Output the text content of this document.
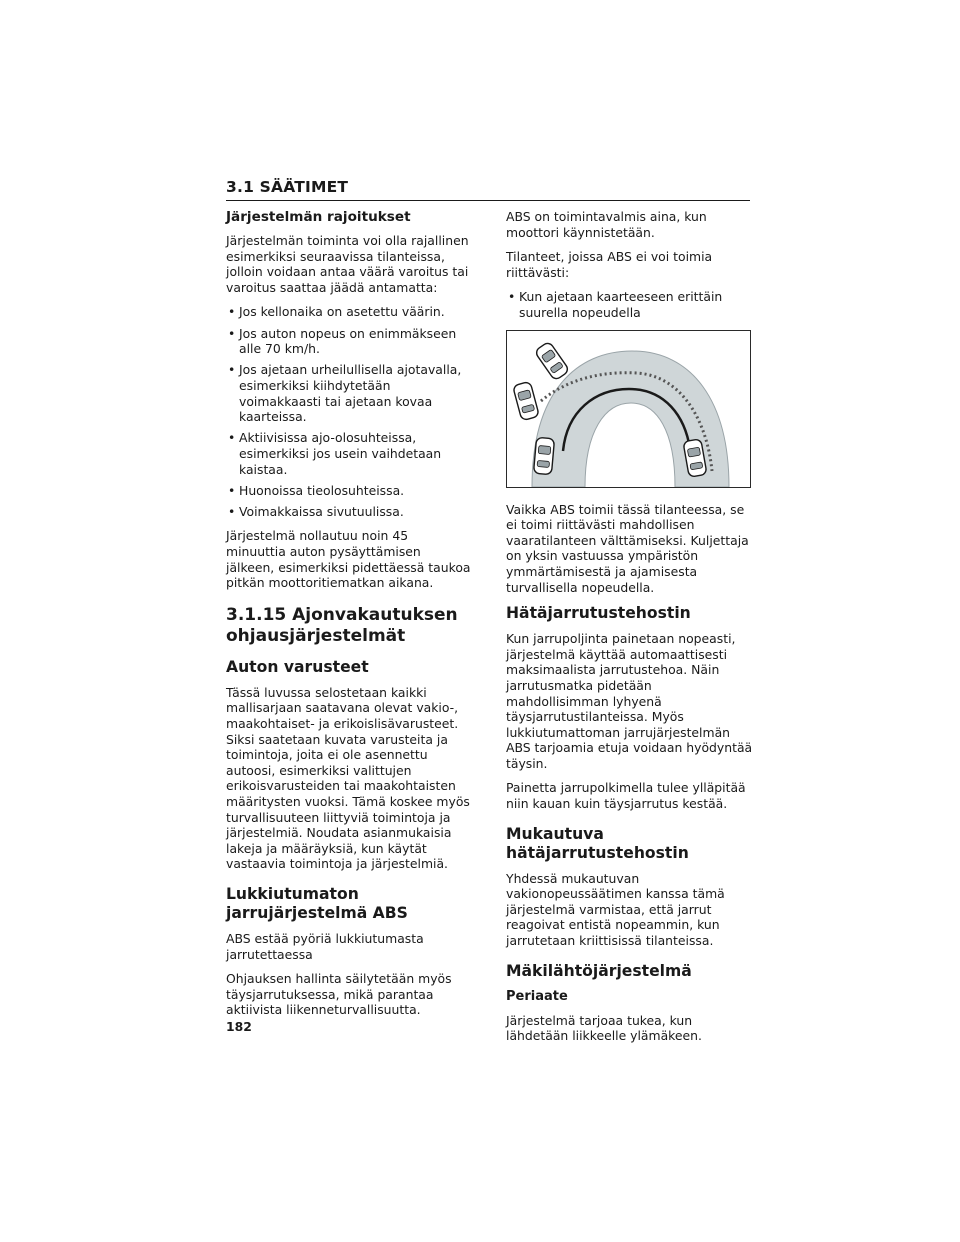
3.1 SÄÄTIMET
Järjestelmän rajoitukset

Järjestelmän toiminta voi olla rajallinen esimerkiksi seuraavissa tilanteissa, jolloin voidaan antaa väärä varoitus tai varoitus saattaa jäädä antamatta:

• Jos kellonaika on asetettu väärin.
• Jos auton nopeus on enimmäkseen alle 70 km/h.
• Jos ajetaan urheilullisella ajotavalla, esimerkiksi kiihdytetään voimakkaasti tai ajetaan kovaa kaarteissa.
• Aktiivisissa ajo-olosuhteissa, esimerkiksi jos usein vaihdetaan kaistaa.
• Huonoissa tieolosuhteissa.
• Voimakkaissa sivutuulissa.

Järjestelmä nollautuu noin 45 minuuttia auton pysäyttämisen jälkeen, esimerkiksi pidettäessä taukoa pitkän moottoritiematkan aikana.

3.1.15 Ajonvakautuksen ohjausjärjestelmät
Auton varusteet

Tässä luvussa selostetaan kaikki mallisarjaan saatavana olevat vakio-, maakohtaiset- ja erikoislisävarusteet. Siksi saatetaan kuvata varusteita ja toimintoja, joita ei ole asennettu autoosi, esimerkiksi valittujen erikoisvarusteiden tai maakohtaisten määritysten vuoksi. Tämä koskee myös turvallisuuteen liittyviä toimintoja ja järjestelmiä. Noudata asianmukaisia lakeja ja määräyksiä, kun käytät vastaavia toimintoja ja järjestelmiä.

Lukkiutumaton jarrujärjestelmä ABS

ABS estää pyöriä lukkiutumasta jarrutettaessa

Ohjauksen hallinta säilytetään myös täysjarrutuksessa, mikä parantaa aktiivista liikenneturvallisuutta.

ABS on toimintavalmis aina, kun moottori käynnistetään.

Tilanteet, joissa ABS ei voi toimia riittävästi:

• Kun ajetaan kaarteeseen erittäin suurella nopeudella

Vaikka ABS toimii tässä tilanteessa, se ei toimi riittävästi mahdollisen vaaratilanteen välttämiseksi. Kuljettaja on yksin vastuussa ympäristön ymmärtämisestä ja ajamisesta turvallisella nopeudella.

Hätäjarrutustehostin

Kun jarrupoljinta painetaan nopeasti, järjestelmä käyttää automaattisesti maksimaalista jarrutustehoa. Näin jarrutusmatka pidetään mahdollisimman lyhyenä täysjarrutustilanteissa. Myös lukkiutumattoman jarrujärjestelmän ABS tarjoamia etuja voidaan hyödyntää täysin.

Painetta jarrupolkimella tulee ylläpitää niin kauan kuin täysjarrutus kestää.

Mukautuva hätäjarrutustehostin

Yhdessä mukautuvan vakionopeussäätimen kanssa tämä järjestelmä varmistaa, että jarrut reagoivat entistä nopeammin, kun jarrutetaan kriittisissä tilanteissa.

Mäkilähtöjärjestelmä
Periaate

Järjestelmä tarjoaa tukea, kun lähdetään liikkeelle ylämäkeen.

182
